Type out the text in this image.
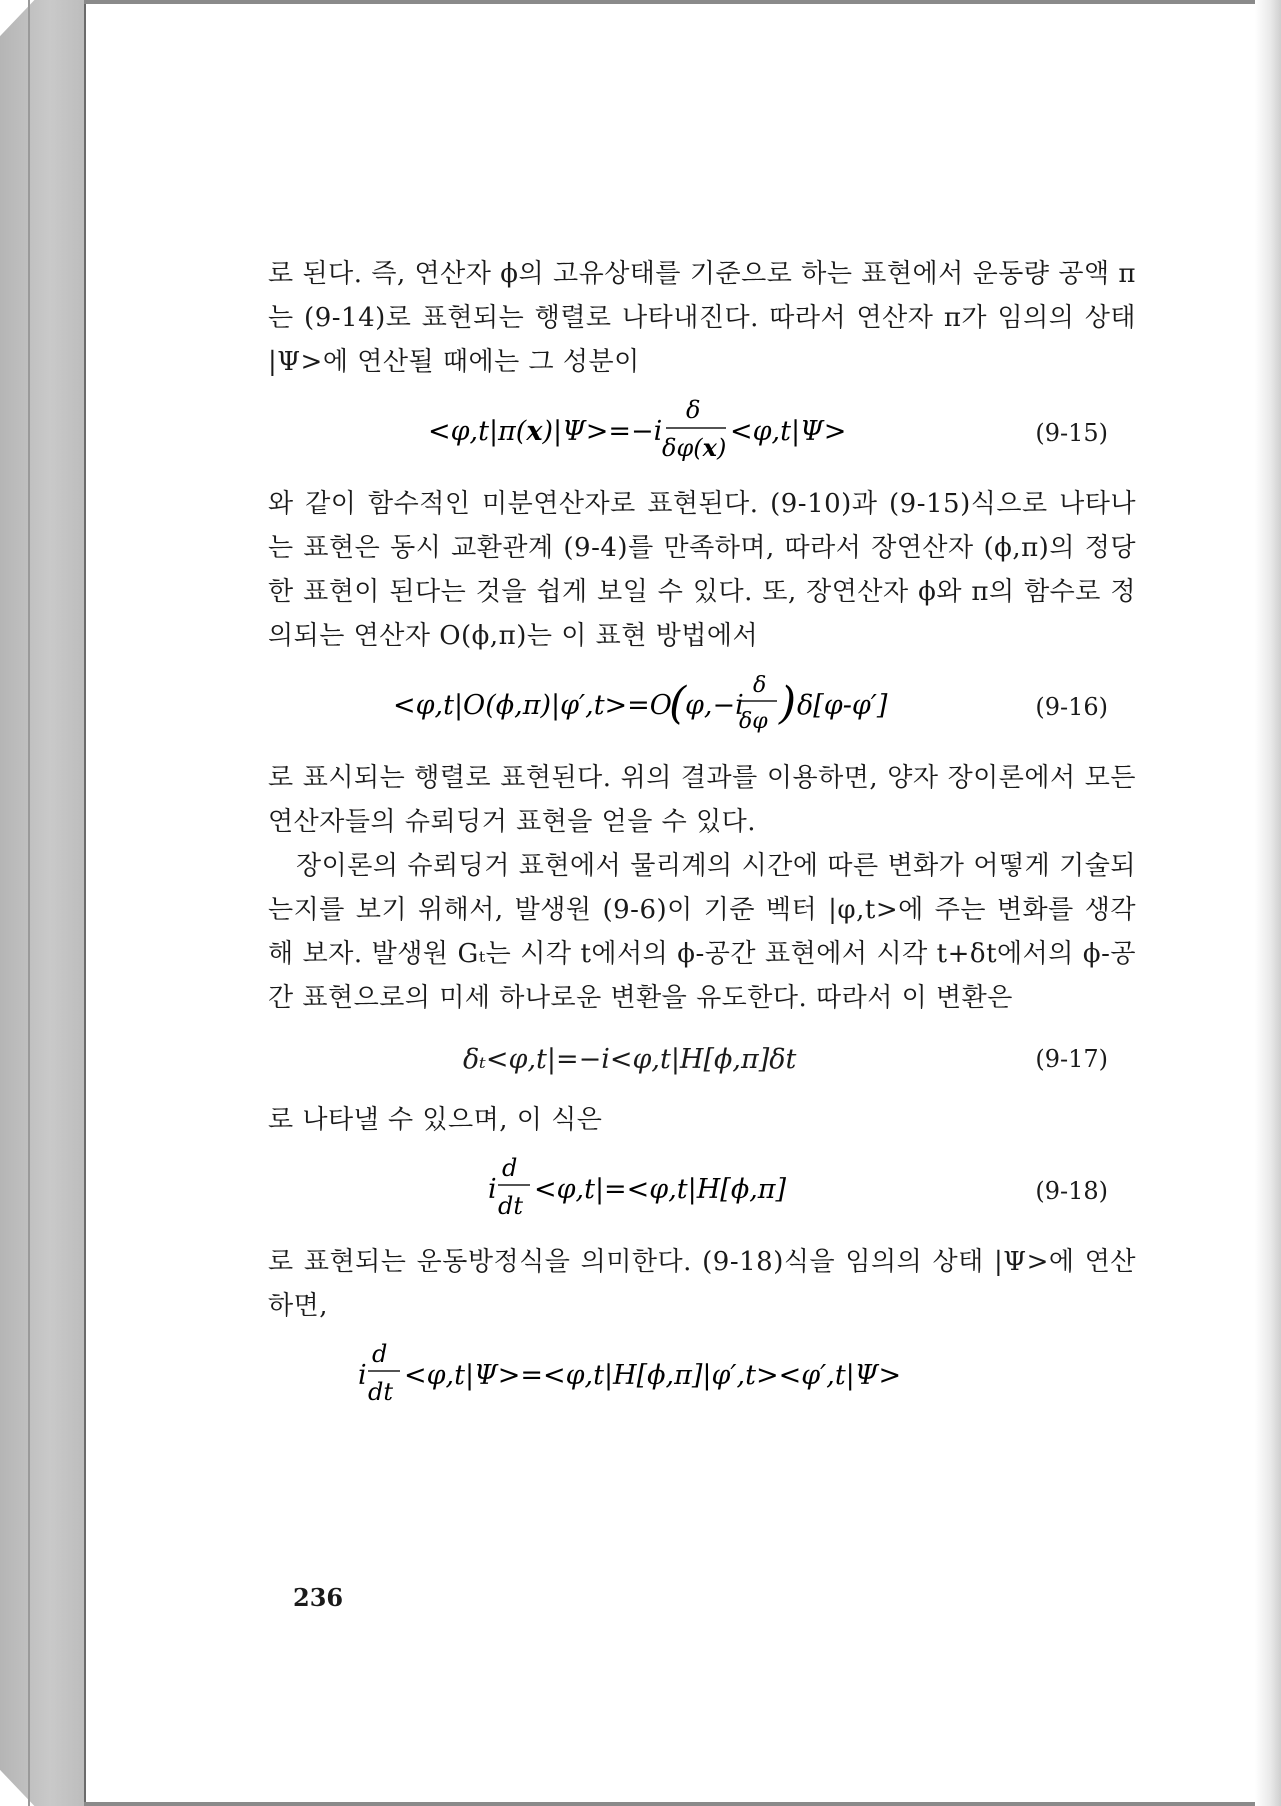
로 된다. 즉, 연산자 ϕ의 고유상태를 기준으로 하는 표현에서 운동량 공액 π는 (9-14)로 표현되는 행렬로 나타내진다. 따라서 연산자 π가 임의의 상태 |Ψ>에 연산될 때에는 그 성분이

<φ,t|π(x)|Ψ>=−i
δ
δφ(x)
<φ,t|Ψ>	(9-15)

와 같이 함수적인 미분연산자로 표현된다. (9-10)과 (9-15)식으로 나타나는 표현은 동시 교환관계 (9-4)를 만족하며, 따라서 장연산자 (ϕ,π)의 정당한 표현이 된다는 것을 쉽게 보일 수 있다. 또, 장연산자 ϕ와 π의 함수로 정의되는 연산자 O(ϕ,π)는 이 표현 방법에서

<φ,t|O(ϕ,π)|φ′,t>=O
(
φ,−i
δ
δφ ) δ[φ-φ′]	(9-16)

로 표시되는 행렬로 표현된다. 위의 결과를 이용하면, 양자 장이론에서 모든 연산자들의 슈뢰딩거 표현을 얻을 수 있다.

장이론의 슈뢰딩거 표현에서 물리계의 시간에 따른 변화가 어떻게 기술되는지를 보기 위해서, 발생원 (9-6)이 기준 벡터 |φ,t>에 주는 변화를 생각해 보자. 발생원 Gₜ는 시각 t에서의 ϕ-공간 표현에서 시각 t+δt에서의 ϕ-공간 표현으로의 미세 하나로운 변환을 유도한다. 따라서 이 변환은

δₜ<φ,t|=−i<φ,t|H[ϕ,π]δt	(9-17)

로 나타낼 수 있으며, 이 식은

i
d
dt
<φ,t|=<φ,t|H[ϕ,π]	(9-18)

로 표현되는 운동방정식을 의미한다. (9-18)식을 임의의 상태 |Ψ>에 연산하면,

i
d
dt
<φ,t|Ψ>=<φ,t|H[ϕ,π]|φ′,t><φ′,t|Ψ>
236
